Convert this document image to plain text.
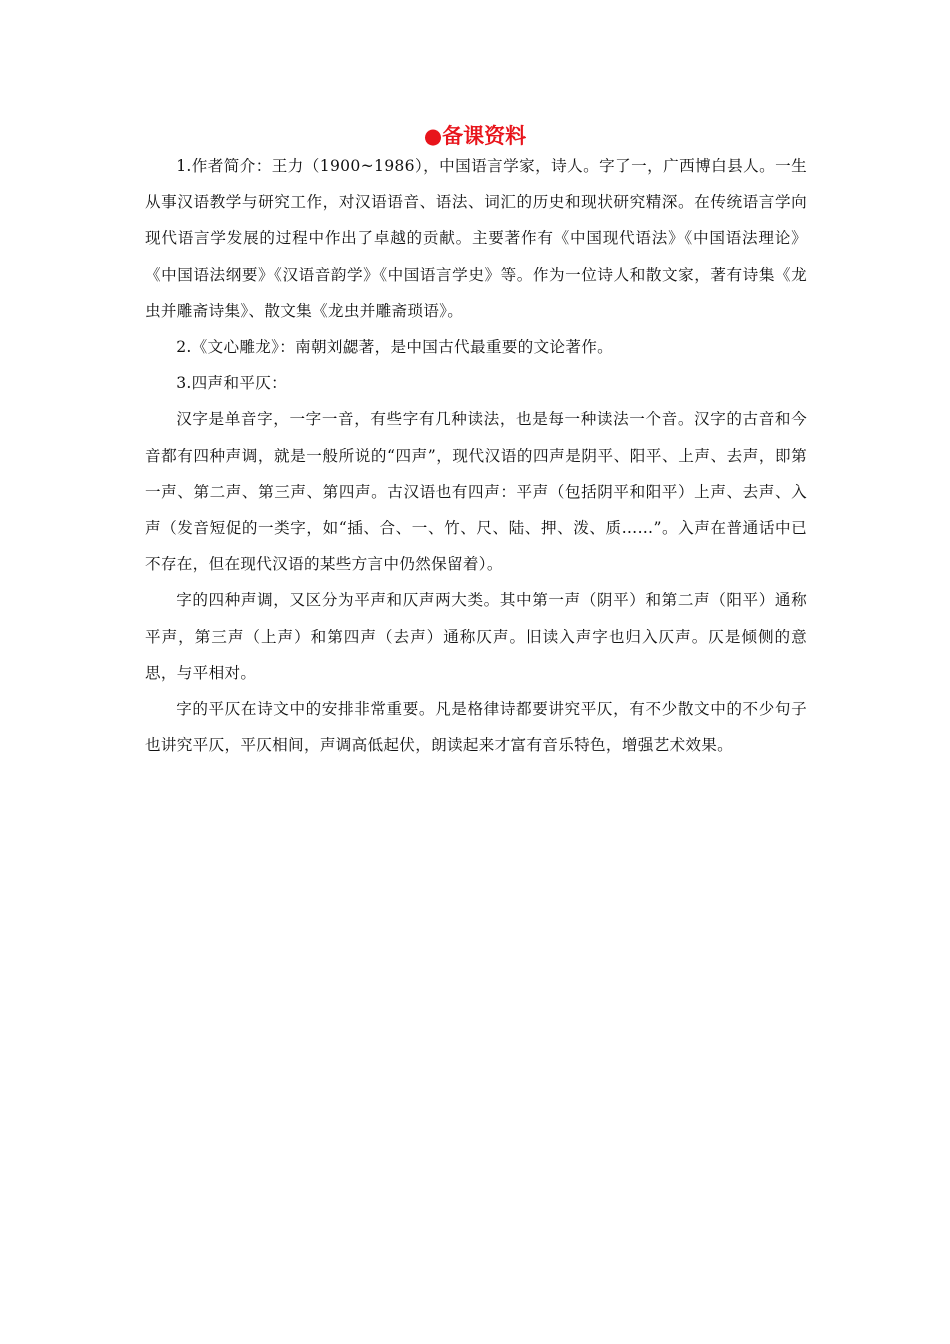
●备课资料

1.作者简介：王力（1900~1986），中国语言学家，诗人。字了一，广西博白县人。一生从事汉语教学与研究工作，对汉语语音、语法、词汇的历史和现状研究精深。在传统语言学向现代语言学发展的过程中作出了卓越的贡献。主要著作有《中国现代语法》《中国语法理论》《中国语法纲要》《汉语音韵学》《中国语言学史》等。作为一位诗人和散文家，著有诗集《龙虫并雕斋诗集》、散文集《龙虫并雕斋琐语》。

2.《文心雕龙》：南朝刘勰著，是中国古代最重要的文论著作。

3.四声和平仄：

汉字是单音字，一字一音，有些字有几种读法，也是每一种读法一个音。汉字的古音和今音都有四种声调，就是一般所说的“四声”，现代汉语的四声是阴平、阳平、上声、去声，即第一声、第二声、第三声、第四声。古汉语也有四声：平声（包括阴平和阳平）上声、去声、入声（发音短促的一类字，如“插、合、一、竹、尺、陆、押、泼、质……”。入声在普通话中已不存在，但在现代汉语的某些方言中仍然保留着）。

字的四种声调，又区分为平声和仄声两大类。其中第一声（阴平）和第二声（阳平）通称平声，第三声（上声）和第四声（去声）通称仄声。旧读入声字也归入仄声。仄是倾侧的意思，与平相对。

字的平仄在诗文中的安排非常重要。凡是格律诗都要讲究平仄，有不少散文中的不少句子也讲究平仄，平仄相间，声调高低起伏，朗读起来才富有音乐特色，增强艺术效果。
